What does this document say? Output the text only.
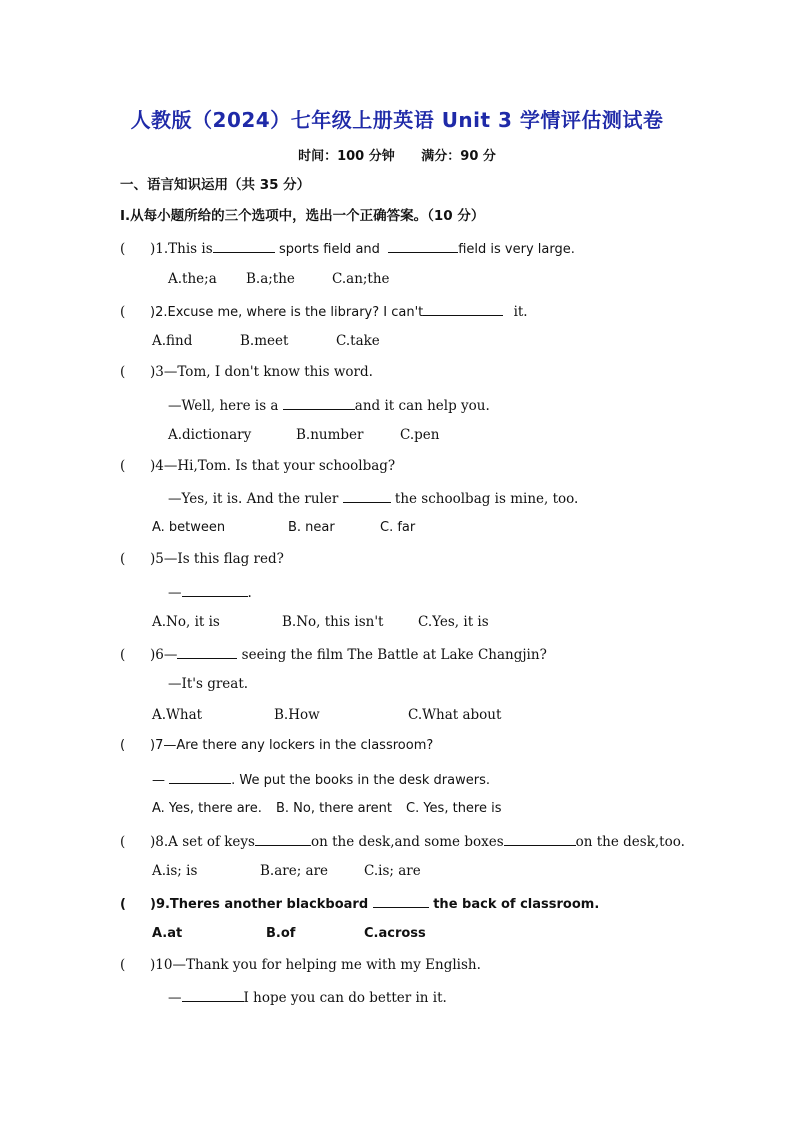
人教版（2024）七年级上册英语 Unit 3 学情评估测试卷
时间：100 分钟 满分：90 分
一、语言知识运用（共 35 分）
I.从每小题所给的三个选项中，选出一个正确答案。（10 分）
( )1.This is	sports field and	field is very large.
A.the;a B.a;the	C.an;the
( )2.Excuse me, where is the library? I can't	it.
A.find	B.meet	C.take
( )3—Tom, I don't know this word.
—Well, here is a	and it can help you.
A.dictionary	B.number	C.pen
( )4—Hi,Tom. Is that your schoolbag?
—Yes, it is. And the ruler	the schoolbag is mine, too.
A. between	B. near	C. far
( )5—Is this flag red?
—	.
A.No, it is	B.No, this isn't	C.Yes, it is
( )6—	seeing the film The Battle at Lake Changjin?
—It's great.
A.What	B.How	C.What about
( )7—Are there any lockers in the classroom?
—	. We put the books in the desk drawers.
A. Yes, there are. B. No, there arent C. Yes, there is
( )8.A set of keys	on the desk,and some boxes	on the desk,too.
A.is; is	B.are; are	C.is; are
( )9.Theres another blackboard	the back of classroom.
A.at	B.of	C.across
( )10—Thank you for helping me with my English.
—	I hope you can do better in it.
